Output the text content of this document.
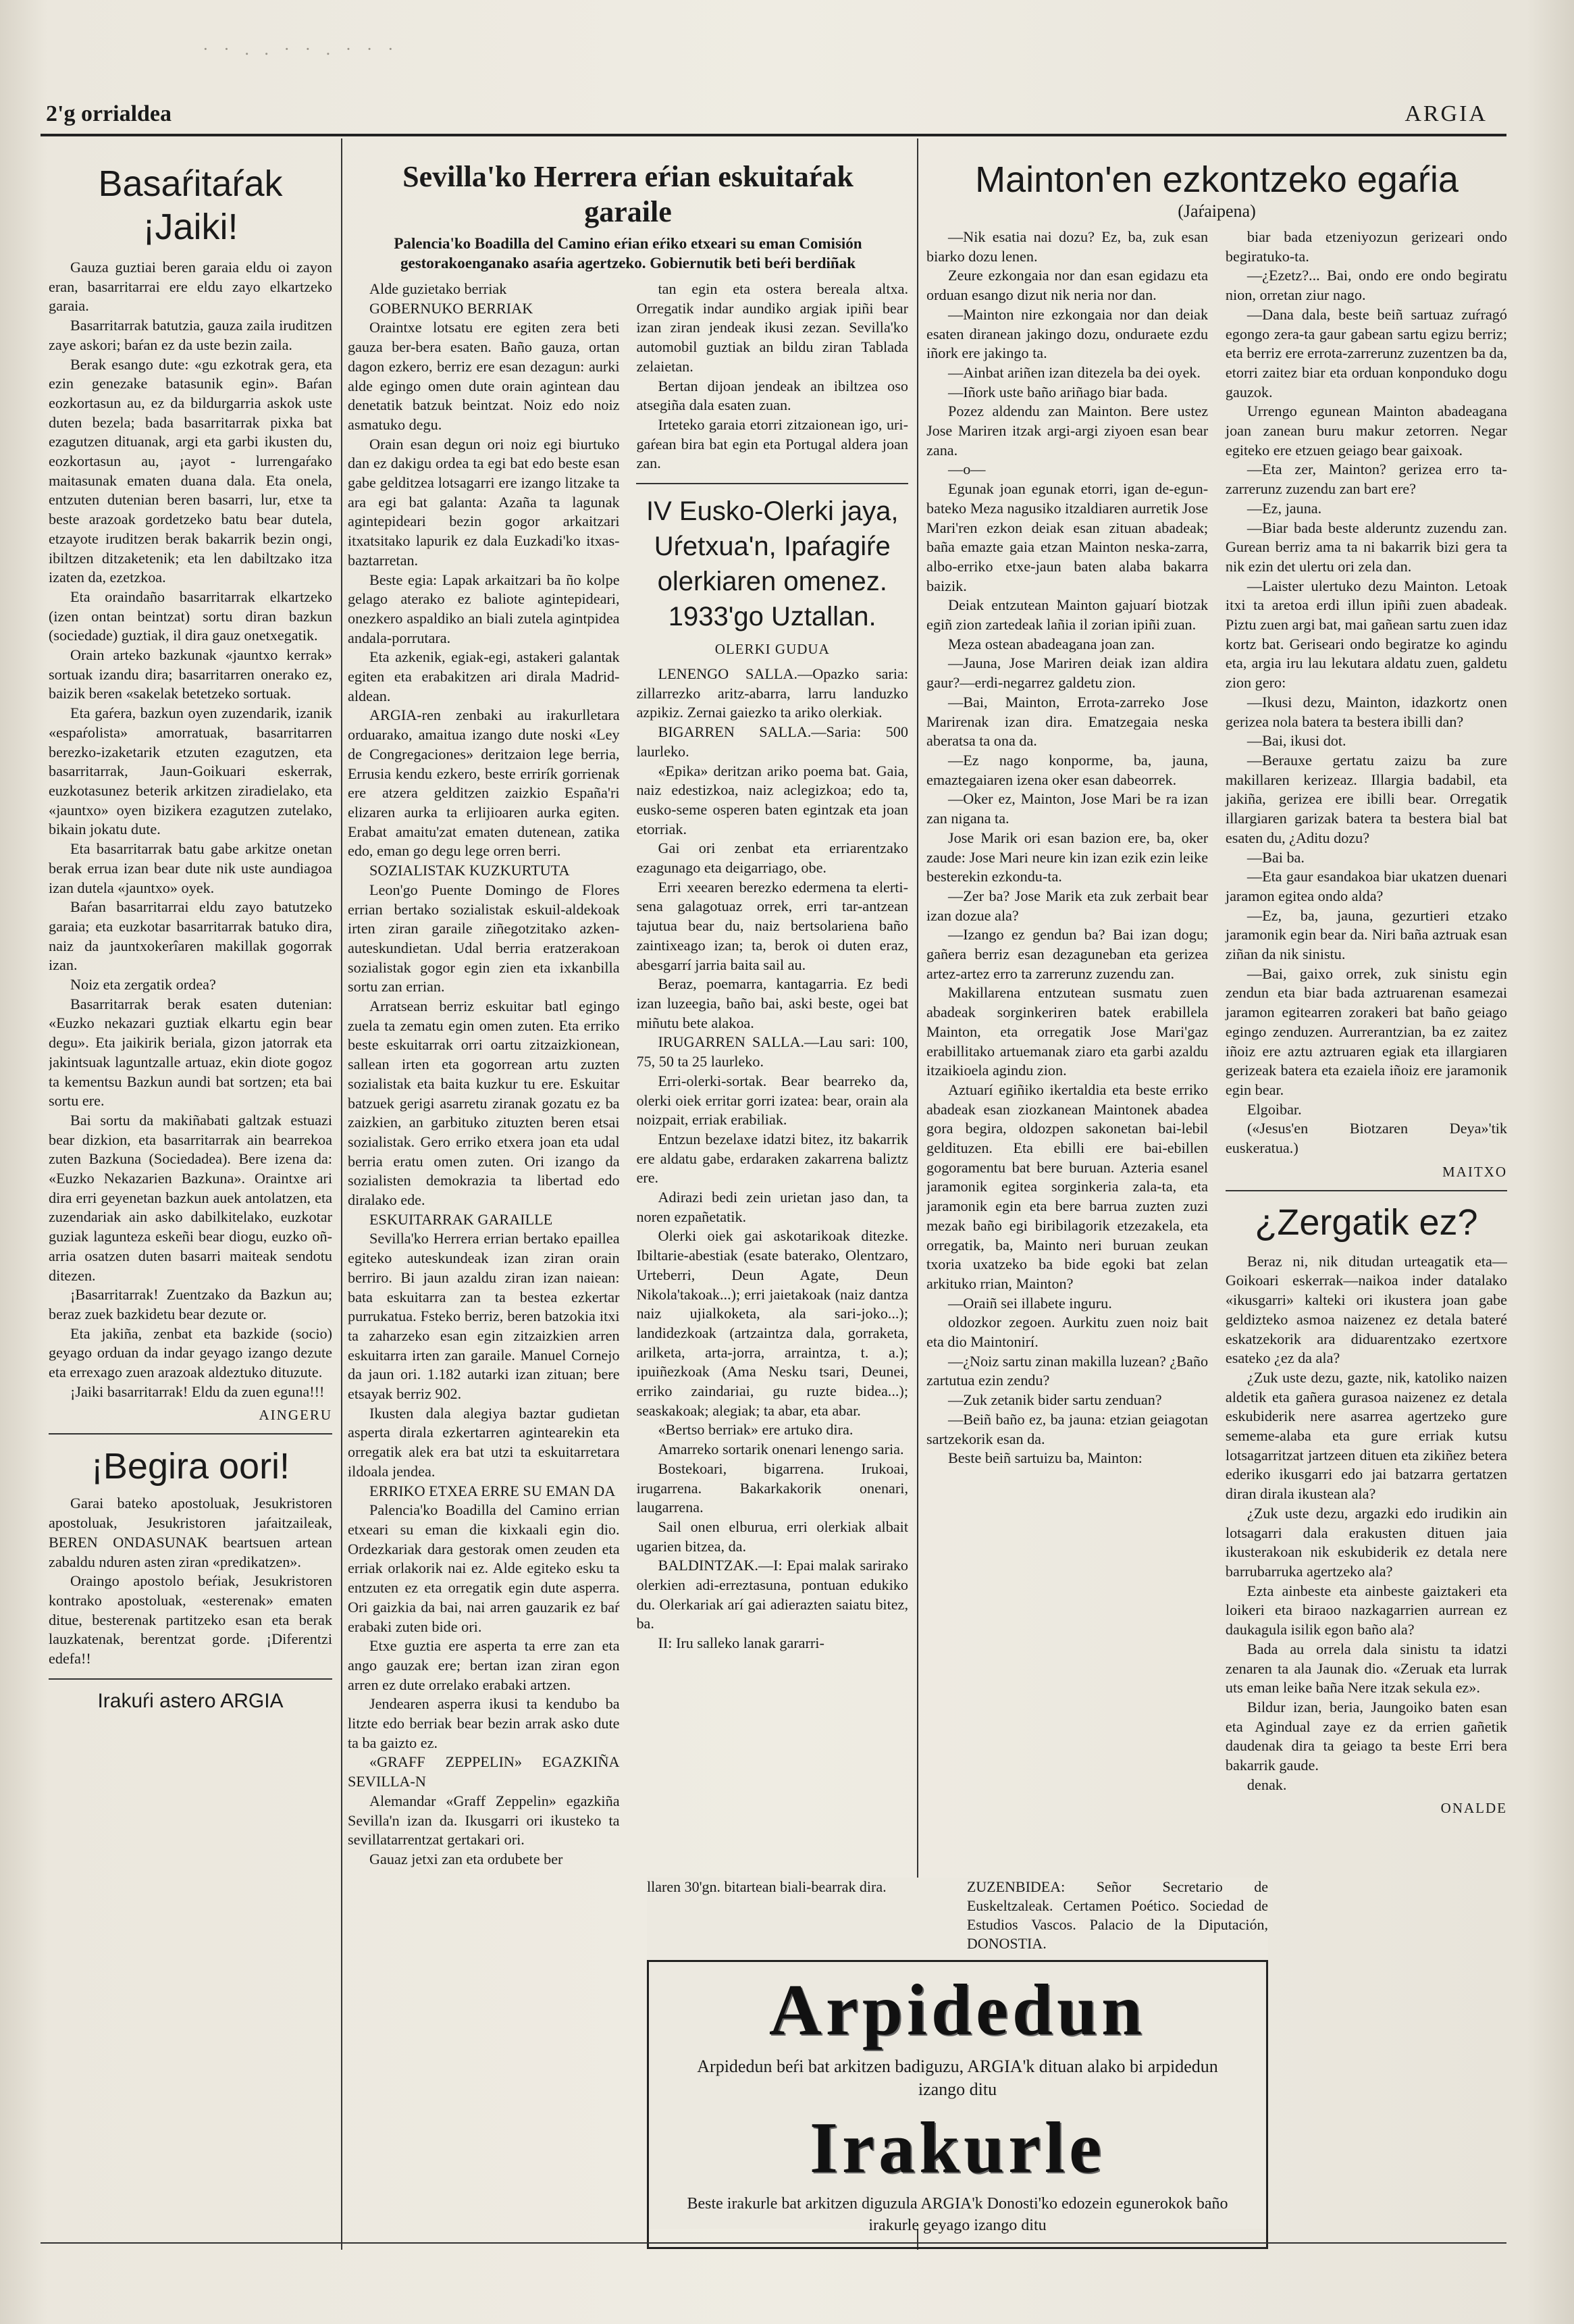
· · . . · · . · · ·
2'g orrialdea	ARGIA
Basaŕitaŕak
¡Jaiki!

Gauza guztiai beren garaia eldu oi zayon eran, basarritarrai ere eldu zayo elkartzeko garaia.

Basarritarrak batutzia, gauza zaila iruditzen zaye askori; baŕan ez da uste bezin zaila.

Berak esango dute: «gu ezkotrak gera, eta ezin genezake batasunik egin». Baŕan eozkortasun au, ez da bildurgarria askok uste duten bezela; bada basarritarrak pixka bat ezagutzen dituanak, argi eta garbi ikusten du, eozkortasun au, ¡ayot - lurrengaŕako maitasunak ematen duana dala. Eta onela, entzuten dutenian beren basarri, lur, etxe ta beste arazoak gordetzeko batu bear dutela, etzayote iruditzen berak bakarrik bezin ongi, ibiltzen ditzaketenik; eta len dabiltzako itza izaten da, ezetzkoa.

Eta oraindaño basarritarrak elkartzeko (izen ontan beintzat) sortu diran bazkun (sociedade) guztiak, il dira gauz onetxegatik.

Orain arteko bazkunak «jauntxo kerrak» sortuak izandu dira; basarritarren onerako ez, baizik beren «sakelak betetzeko sortuak.

Eta gaŕera, bazkun oyen zuzendarik, izanik «espaŕolista» amorratuak, basarritarren berezko-izaketarik etzuten ezagutzen, eta basarritarrak, Jaun-Goikuari eskerrak, euzkotasunez beterik arkitzen ziradielako, eta «jauntxo» oyen bizikera ezagutzen zutelako, bikain jokatu dute.

Eta basarritarrak batu gabe arkitze onetan berak errua izan bear dute nik uste aundiagoa izan dutela «jauntxo» oyek.

Baŕan basarritarrai eldu zayo batutzeko garaia; eta euzkotar basarritarrak batuko dira, naiz da jauntxokerîaren makillak gogorrak izan.

Noiz eta zergatik ordea?

Basarritarrak berak esaten dutenian: «Euzko nekazari guztiak elkartu egin bear degu». Eta jaikirik beriala, gizon jatorrak eta jakintsuak laguntzalle artuaz, ekin diote gogoz ta kementsu Bazkun aundi bat sortzen; eta bai sortu ere.

Bai sortu da makiñabati galtzak estuazi bear dizkion, eta basarritarrak ain bearrekoa zuten Bazkuna (Sociedadea). Bere izena da: «Euzko Nekazarien Bazkuna». Oraintxe ari dira erri geyenetan bazkun auek antolatzen, eta zuzendariak ain asko dabilkitelako, euzkotar guziak lagunteza eskeñi bear diogu, euzko oñ-arria osatzen duten basarri maiteak sendotu ditezen.

¡Basarritarrak! Zuentzako da Bazkun au; beraz zuek bazkidetu bear dezute or.

Eta jakiña, zenbat eta bazkide (socio) geyago orduan da indar geyago izango dezute eta errexago zuen arazoak aldeztuko dituzute.

¡Jaiki basarritarrak! Eldu da zuen eguna!!!

AINGERU
¡Begira oori!

Garai bateko apostoluak, Jesukristoren apostoluak, Jesukristoren jaŕaitzaileak, BEREN ONDASUNAK beartsuen artean zabaldu nduren asten ziran «predikatzen».

Oraingo apostolo beŕiak, Jesukristoren kontrako apostoluak, «esterenak» ematen ditue, besterenak partitzeko esan eta berak lauzkatenak, berentzat gorde. ¡Diferentzi edefa!!

Irakuŕi astero ARGIA
Sevilla'ko Herrera eŕian eskuitaŕak garaile
Palencia'ko Boadilla del Camino eŕian eŕiko etxeari su eman Comisión gestorakoenganako asaŕia agertzeko. Gobiernutik beti beŕi berdiñak

Alde guzietako berriak

GOBERNUKO BERRIAK

Oraintxe lotsatu ere egiten zera beti gauza ber-bera esaten. Baño gauza, ortan dagon ezkero, berriz ere esan dezagun: aurki alde egingo omen dute orain agintean dau denetatik batzuk beintzat. Noiz edo noiz asmatuko degu.

Orain esan degun ori noiz egi biurtuko dan ez dakigu ordea ta egi bat edo beste esan gabe gelditzea lotsagarri ere izango litzake ta ara egi bat galanta: Azaña ta lagunak agintepideari bezin gogor arkaitzari itxatsitako lapurik ez dala Euzkadi'ko itxas-baztarretan.

Beste egia: Lapak arkaitzari ba ño kolpe gelago aterako ez baliote agintepideari, onezkero aspaldiko an biali zutela agintpidea andala-porrutara.

Eta azkenik, egiak-egi, astakeri galantak egiten eta erabakitzen ari dirala Madrid-aldean.

ARGIA-ren zenbaki au irakurlletara orduarako, amaitua izango dute noski «Ley de Congregaciones» deritzaion lege berria, Errusia kendu ezkero, beste errirík gorrienak ere atzera gelditzen zaizkio España'ri elizaren aurka ta erlijioaren aurka egiten. Erabat amaitu'zat ematen dutenean, zatika edo, eman go degu lege orren berri.

SOZIALISTAK KUZKURTUTA

Leon'go Puente Domingo de Flores errian bertako sozialistak eskuil-aldekoak irten ziran garaile ziñegotzitako azken-auteskundietan. Udal berria eratzerakoan sozialistak gogor egin zien eta ixkanbilla sortu zan errian.

Arratsean berriz eskuitar batl egingo zuela ta zematu egin omen zuten. Eta erriko beste eskuitarrak orri oartu zitzaizkionean, sallean irten eta gogorrean artu zuzten sozialistak eta baita kuzkur tu ere. Eskuitar batzuek gerigi asarretu ziranak gozatu ez ba zaizkien, an garbituko zituzten beren etsai sozialistak. Gero erriko etxera joan eta udal berria eratu omen zuten. Ori izango da sozialisten demokrazia ta libertad edo diralako ede.

ESKUITARRAK GARAILLE

Sevilla'ko Herrera errian bertako epaillea egiteko auteskundeak izan ziran orain berriro. Bi jaun azaldu ziran izan naiean: bata eskuitarra zan ta bestea ezkertar purrukatua. Fsteko berriz, beren batzokia itxi ta zaharzeko esan egin zitzaizkien arren eskuitarra irten zan garaile. Manuel Cornejo da jaun ori. 1.182 autarki izan zituan; bere etsayak berriz 902.

Ikusten dala alegiya baztar gudietan asperta dirala ezkertarren agintearekin eta orregatik alek era bat utzi ta eskuitarretara ildoala jendea.

ERRIKO ETXEA ERRE SU EMAN DA

Palencia'ko Boadilla del Camino errian etxeari su eman die kixkaali egin dio. Ordezkariak dara gestorak omen zeuden eta erriak orlakorik nai ez. Alde egiteko esku ta entzuten ez eta orregatik egin dute asperra. Ori gaizkia da bai, nai arren gauzarik ez baŕ erabaki zuten bide ori.

Etxe guztia ere asperta ta erre zan eta ango gauzak ere; bertan izan ziran egon arren ez dute orrelako erabaki artzen.

Jendearen asperra ikusi ta kendubo ba litzte edo berriak bear bezin arrak asko dute ta ba gaizto ez.

«GRAFF ZEPPELIN» EGAZKIÑA SEVILLA-N

Alemandar «Graff Zeppelin» egazkiña Sevilla'n izan da. Ikusgarri ori ikusteko ta sevillatarrentzat gertakari ori.

Gauaz jetxi zan eta ordubete ber

tan egin eta ostera bereala altxa. Orregatik indar aundiko argiak ipiñi bear izan ziran jendeak ikusi zezan. Sevilla'ko automobil guztiak an bildu ziran Tablada zelaietan.

Bertan dijoan jendeak an ibiltzea oso atsegiña dala esaten zuan.

Irteteko garaia etorri zitzaionean igo, uri-gaŕean bira bat egin eta Portugal aldera joan zan.

IV Eusko-Olerki jaya, Uŕetxua'n, Ipaŕagiŕe olerkiaren omenez. 1933'go Uztallan.
OLERKI GUDUA

LENENGO SALLA.—Opazko saria: zillarrezko aritz-abarra, larru landuzko azpikiz. Zernai gaiezko ta ariko olerkiak.

BIGARREN SALLA.—Saria: 500 laurleko.

«Epika» deritzan ariko poema bat. Gaia, naiz edestizkoa, naiz aclegizkoa; edo ta, eusko-seme osperen baten egintzak eta joan etorriak.

Gai ori zenbat eta erriarentzako ezagunago eta deigarriago, obe.

Erri xeearen berezko edermena ta elerti-sena galagotuaz orrek, erri tar-antzean tajutua bear du, naiz bertsolariena baño zaintixeago izan; ta, berok oi duten eraz, abesgarrí jarria baita sail au.

Beraz, poemarra, kantagarria. Ez bedi izan luzeegia, baño bai, aski beste, ogei bat miñutu bete alakoa.

IRUGARREN SALLA.—Lau sari: 100, 75, 50 ta 25 laurleko.

Erri-olerki-sortak. Bear bearreko da, olerki oiek erritar gorri izatea: bear, orain ala noizpait, erriak erabiliak.

Entzun bezelaxe idatzi bitez, itz bakarrik ere aldatu gabe, erdaraken zakarrena baliztz ere.

Adirazi bedi zein urietan jaso dan, ta noren ezpañetatik.

Olerki oiek gai askotarikoak ditezke. Ibiltarie-abestiak (esate baterako, Olentzaro, Urteberri, Deun Agate, Deun Nikola'takoak...); erri jaietakoak (naiz dantza naiz ujialkoketa, ala sari-joko...); landidezkoak (artzaintza dala, gorraketa, arilketa, arta-jorra, arraintza, t. a.); ipuiñezkoak (Ama Nesku tsari, Deunei, erriko zaindariai, gu ruzte bidea...); seaskakoak; alegiak; ta abar, eta abar.

«Bertso berriak» ere artuko dira.

Amarreko sortarik onenari lenengo saria.

Bostekoari, bigarrena. Irukoai, irugarrena. Bakarkakorik onenari, laugarrena.

Sail onen elburua, erri olerkiak albait ugarien bitzea, da.

BALDINTZAK.—I: Epai malak sarirako olerkien adi-erreztasuna, pontuan edukiko du. Olerkariak arí gai adierazten saiatu bitez, ba.

II: Iru salleko lanak gararri-

Mainton'en ezkontzeko egaŕia
(Jaŕaipena)

—Nik esatia nai dozu? Ez, ba, zuk esan biarko dozu lenen.

Zeure ezkongaia nor dan esan egidazu eta orduan esango dizut nik neria nor dan.

—Mainton nire ezkongaia nor dan deiak esaten diranean jakingo dozu, onduraete ezdu iñork ere jakingo ta.

—Ainbat ariñen izan ditezela ba dei oyek.

—Iñork uste baño ariñago biar bada.

Pozez aldendu zan Mainton. Bere ustez Jose Mariren itzak argi-argi ziyoen esan bear zana.

—o—

Egunak joan egunak etorri, igan de-egun-bateko Meza nagusiko itzaldiaren aurretik Jose Mari'ren ezkon deiak esan zituan abadeak; baña emazte gaia etzan Mainton neska-zarra, albo-erriko etxe-jaun baten alaba bakarra baizik.

Deiak entzutean Mainton gajuarí biotzak egiñ zion zartedeak lañia il zorian ipiñi zuan.

Meza ostean abadeagana joan zan.

—Jauna, Jose Mariren deiak izan aldira gaur?—erdi-negarrez galdetu zion.

—Bai, Mainton, Errota-zarreko Jose Marirenak izan dira. Ematzegaia neska aberatsa ta ona da.

—Ez nago konporme, ba, jauna, emaztegaiaren izena oker esan dabeorrek.

—Oker ez, Mainton, Jose Mari be ra izan zan nigana ta.

Jose Marik ori esan bazion ere, ba, oker zaude: Jose Mari neure kin izan ezik ezin leike besterekin ezkondu-ta.

—Zer ba? Jose Marik eta zuk zerbait bear izan dozue ala?

—Izango ez gendun ba? Bai izan dogu; gañera berriz esan dezaguneban eta gerizea artez-artez erro ta zarrerunz zuzendu zan.

Makillarena entzutean susmatu zuen abadeak sorginkeriren batek erabillela Mainton, eta orregatik Jose Mari'gaz erabillitako artuemanak ziaro eta garbi azaldu itzaikioela agindu zion.

Aztuarí egiñiko ikertaldia eta beste erriko abadeak esan ziozkanean Maintonek abadea gora begira, oldozpen sakonetan bai-lebil geldituzen. Eta ebilli ere bai-ebillen gogoramentu bat bere buruan. Azteria esanel jaramonik egitea sorginkeria zala-ta, eta jaramonik egin eta bere barrua zuzten zuzi mezak baño egi biribilagorik etzezakela, eta orregatik, ba, Mainto neri buruan zeukan txoria uxatzeko ba bide egoki bat zelan arkituko rrian, Mainton?

—Oraiñ sei illabete inguru.

oldozkor zegoen. Aurkitu zuen noiz bait eta dio Maintonirí.

—¿Noiz sartu zinan makilla luzean? ¿Baño zartutua ezin zendu?

—Zuk zetanik bider sartu zenduan?

—Beiñ baño ez, ba jauna: etzian geiagotan sartzekorik esan da.

Beste beiñ sartuizu ba, Mainton:

biar bada etzeniyozun gerizeari ondo begiratuko-ta.

—¿Ezetz?... Bai, ondo ere ondo begiratu nion, orretan ziur nago.

—Dana dala, beste beiñ sartuaz zuŕragó egongo zera-ta gaur gabean sartu egizu berriz; eta berriz ere errota-zarrerunz zuzentzen ba da, etorri zaitez biar eta orduan konponduko dogu gauzok.

Urrengo egunean Mainton abadeagana joan zanean buru makur zetorren. Negar egiteko ere etzuen geiago bear gaixoak.

—Eta zer, Mainton? gerizea erro ta-zarrerunz zuzendu zan bart ere?

—Ez, jauna.

—Biar bada beste alderuntz zuzendu zan. Gurean berriz ama ta ni bakarrik bizi gera ta nik ezin det ulertu ori zela dan.

—Laister ulertuko dezu Mainton. Letoak itxi ta aretoa erdi illun ipiñi zuen abadeak. Piztu zuen argi bat, mai gañean sartu zuen idaz kortz bat. Geriseari ondo begiratze ko agindu eta, argia iru lau lekutara aldatu zuen, galdetu zion gero:

—Ikusi dezu, Mainton, idazkortz onen gerizea nola batera ta bestera ibilli dan?

—Bai, ikusi dot.

—Berauxe gertatu zaizu ba zure makillaren kerizeaz. Illargia badabil, eta jakiña, gerizea ere ibilli bear. Orregatik illargiaren garizak batera ta bestera bial bat esaten du, ¿Aditu dozu?

—Bai ba.

—Eta gaur esandakoa biar ukatzen duenari jaramon egitea ondo alda?

—Ez, ba, jauna, gezurtieri etzako jaramonik egin bear da. Niri baña aztruak esan ziñan da nik sinistu.

—Bai, gaixo orrek, zuk sinistu egin zendun eta biar bada aztruarenan esamezai jaramon egitearren zorakeri bat baño geiago egingo zenduzen. Aurrerantzian, ba ez zaitez iñoiz ere aztu aztruaren egiak eta illargiaren gerizeak batera eta ezaiela iñoiz ere jaramonik egin bear.

Elgoibar.

(«Jesus'en Biotzaren Deya»'tik euskeratua.)

MAITXO
¿Zergatik ez?

Beraz ni, nik ditudan urteagatik eta—Goikoari eskerrak—naikoa inder datalako «ikusgarri» kalteki ori ikustera joan gabe geldizteko asmoa naizenez ez detala bateré eskatzekorik ara diduarentzako ezertxore esateko ¿ez da ala?

¿Zuk uste dezu, gazte, nik, katoliko naizen aldetik eta gañera gurasoa naizenez ez detala eskubiderik nere asarrea agertzeko gure sememe-alaba eta gure erriak kutsu lotsagarritzat jartzeen dituen eta zikiñez betera ederiko ikusgarri edo jai batzarra gertatzen diran dirala ikustean ala?

¿Zuk uste dezu, argazki edo irudikin ain lotsagarri dala erakusten dituen jaia ikusterakoan nik eskubiderik ez detala nere barrubarruka agertzeko ala?

Ezta ainbeste eta ainbeste gaiztakeri eta loikeri eta biraoo nazkagarrien aurrean ez daukagula isilik egon baño ala?

Bada au orrela dala sinistu ta idatzi zenaren ta ala Jaunak dio. «Zeruak eta lurrak uts eman leike baña Nere itzak sekula ez».

Bildur izan, beria, Jaungoiko baten esan eta Agindual zaye ez da errien gañetik daudenak dira ta geiago ta beste Erri bera bakarrik gaude.

denak.

ONALDE
llaren 30'gn. bitartean biali-bearrak dira.	ZUZENBIDEA: Señor Secretario de Euskeltzaleak. Certamen Poético. Sociedad de Estudios Vascos. Palacio de la Diputación, DONOSTIA.
Arpidedun
Arpidedun beŕi bat arkitzen badiguzu, ARGIA'k dituan alako bi arpidedun izango ditu
Irakurle
Beste irakurle bat arkitzen diguzula ARGIA'k Donosti'ko edozein egunerokok baño irakurle geyago izango ditu
